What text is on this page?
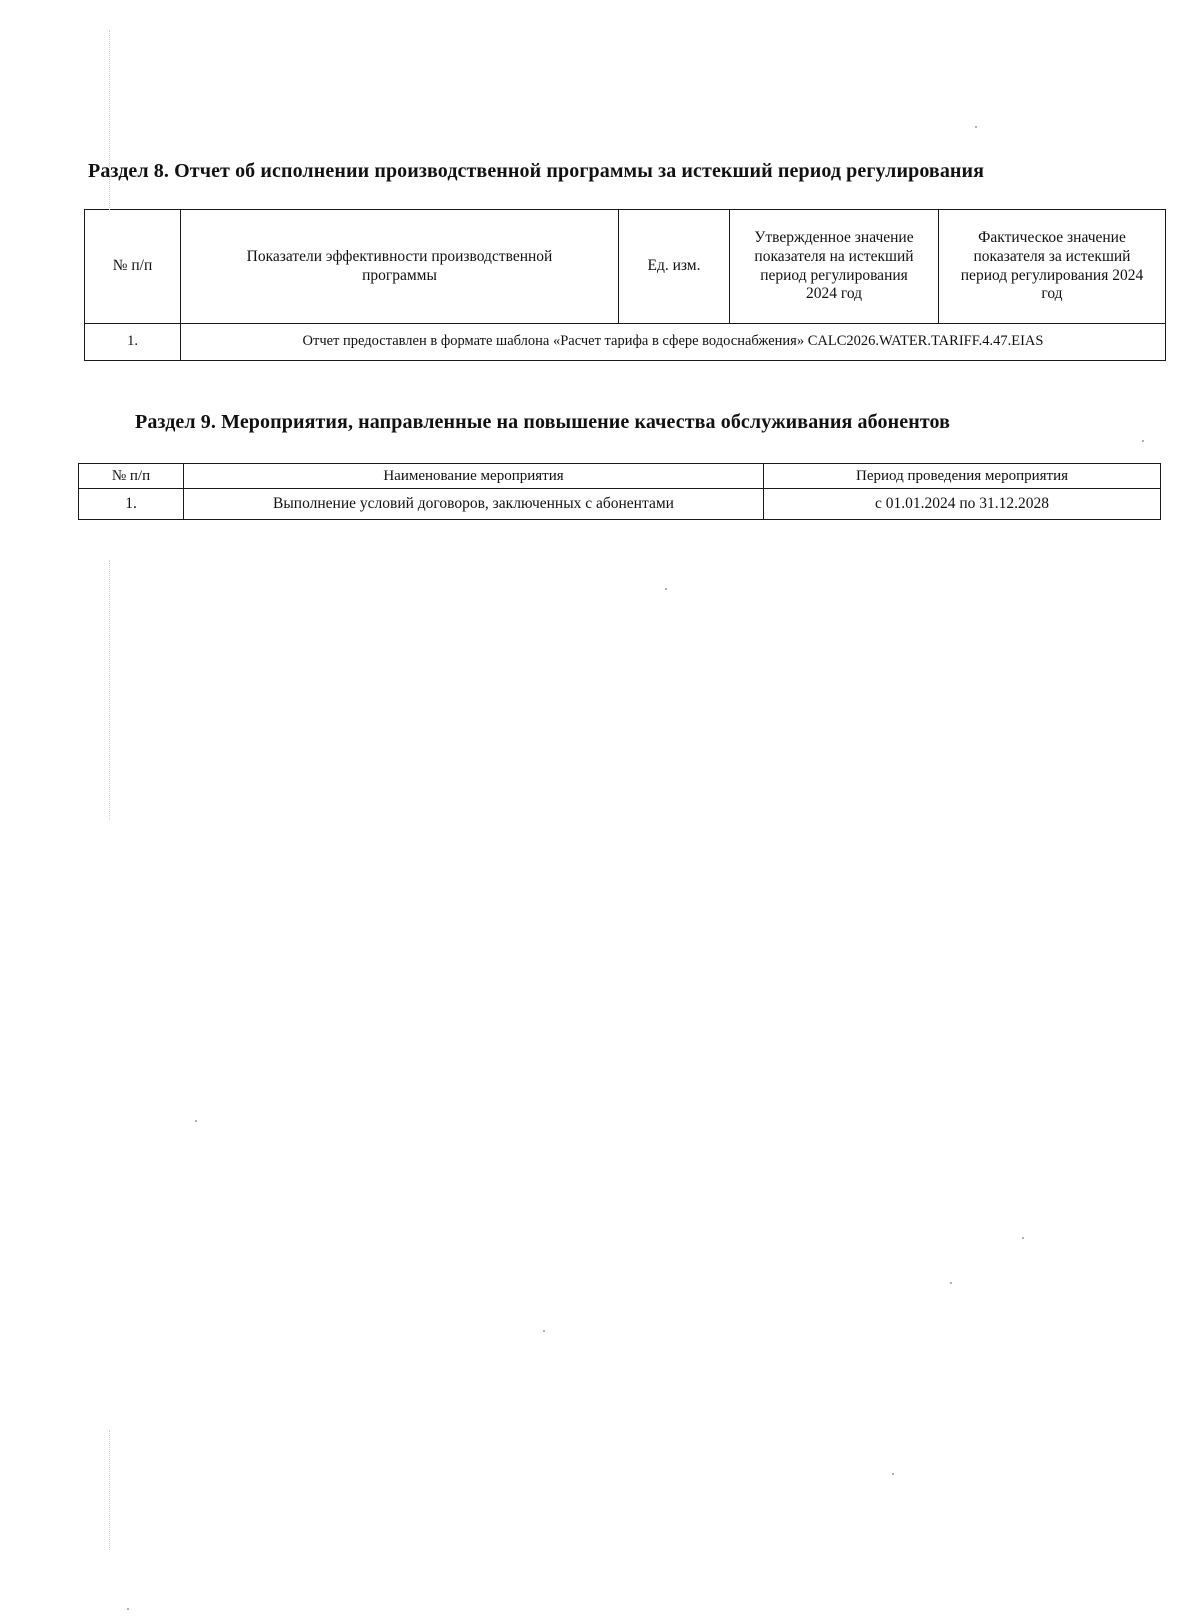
Раздел 8. Отчет об исполнении производственной программы за истекший период регулирования
№ п/п	Показатели эффективности производственной программы	Ед. изм.	Утвержденное значение показателя на истекший период регулирования 2024 год	Фактическое значение показателя за истекший период регулирования 2024 год
1.	Отчет предоставлен в формате шаблона «Расчет тарифа в сфере водоснабжения» CALC2026.WATER.TARIFF.4.47.EIAS			
Раздел 9. Мероприятия, направленные на повышение качества обслуживания абонентов
№ п/п	Наименование мероприятия	Период проведения мероприятия
1.	Выполнение условий договоров, заключенных с абонентами	с 01.01.2024 по 31.12.2028
